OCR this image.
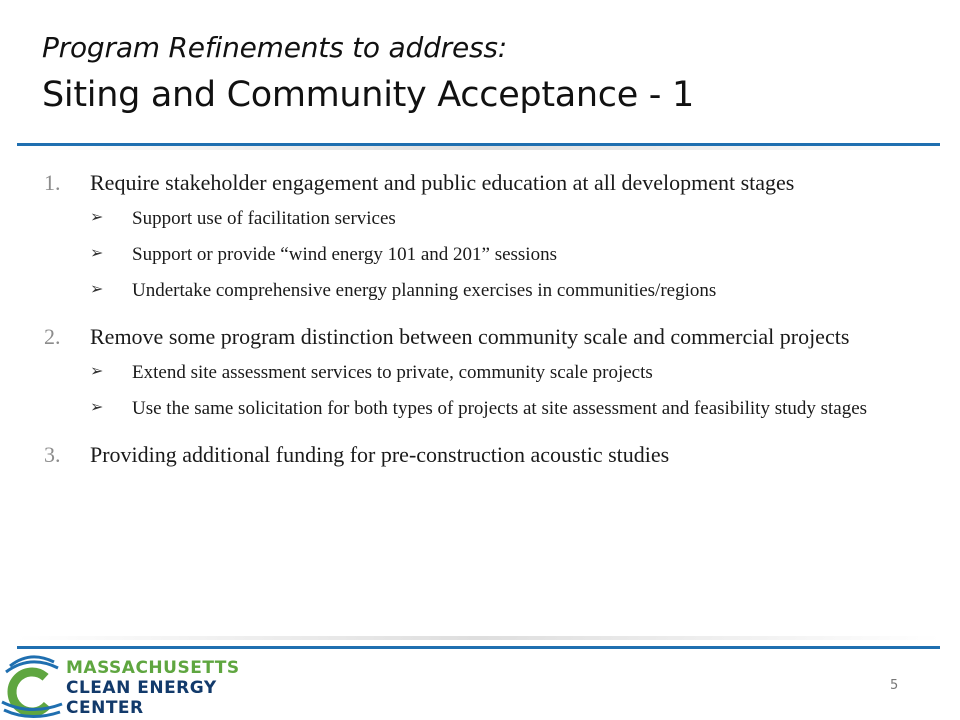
Program Refinements to address:
Siting and Community Acceptance - 1
1.	Require stakeholder engagement and public education at all development stages
➢	Support use of facilitation services
➢	Support or provide “wind energy 101 and 201” sessions
➢	Undertake comprehensive energy planning exercises in communities/regions
2.	Remove some program distinction between community scale and commercial projects
➢	Extend site assessment services to private, community scale projects
➢	Use the same solicitation for both types of projects at site assessment and feasibility study stages
3.	Providing additional funding for pre-construction acoustic studies
MASSACHUSETTS
CLEAN ENERGY
CENTER
5
